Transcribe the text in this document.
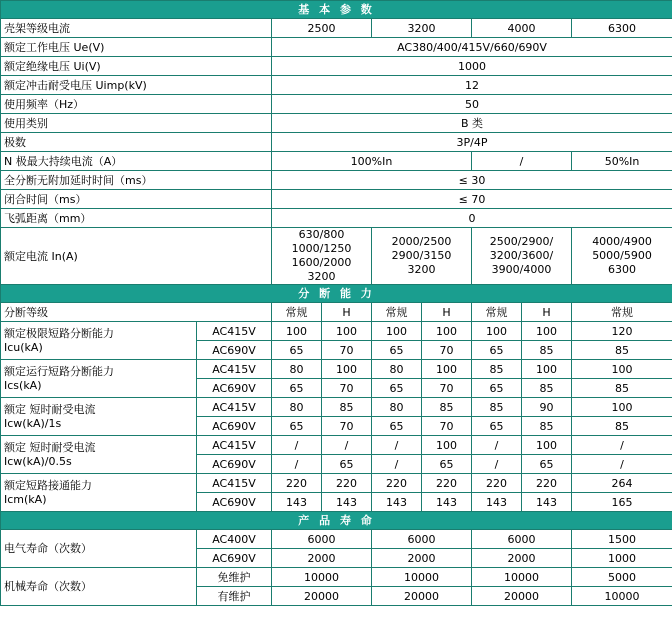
基 本 参 数								
壳架等级电流		2500		3200		4000		6300
额定工作电压 Ue(V)		AC380/400/415V/660/690V						
额定绝缘电压 Ui(V)		1000						
额定冲击耐受电压 Uimp(kV)		12						
使用频率（Hz）		50						
使用类别		B 类						
极数		3P/4P						
N 极最大持续电流（A）		100%In				/		50%In
全分断无附加延时时间（ms）		≤ 30						
闭合时间（ms）		≤ 70						
飞弧距离（mm）		0						
额定电流 In(A)		630/800
1000/1250
1600/2000
3200		2000/2500
2900/3150
3200		2500/2900/
3200/3600/
3900/4000		4000/4900
5000/5900
6300
分 断 能 力								
分断等级		常规	H	常规	H	常规	H	常规
额定极限短路分断能力
Icu(kA)	AC415V	100	100	100	100	100	100	120
	AC690V	65	70	65	70	65	85	85
额定运行短路分断能力
Ics(kA)	AC415V	80	100	80	100	85	100	100
	AC690V	65	70	65	70	65	85	85
额定 短时耐受电流
Icw(kA)/1s	AC415V	80	85	80	85	85	90	100
	AC690V	65	70	65	70	65	85	85
额定 短时耐受电流
Icw(kA)/0.5s	AC415V	/	/	/	100	/	100	/
	AC690V	/	65	/	65	/	65	/
额定短路接通能力
Icm(kA)	AC415V	220	220	220	220	220	220	264
	AC690V	143	143	143	143	143	143	165
产 品 寿 命								
电气寿命（次数）	AC400V	6000		6000		6000		1500
	AC690V	2000		2000		2000		1000
机械寿命（次数）	免维护	10000		10000		10000		5000
	有维护	20000		20000		20000		10000
